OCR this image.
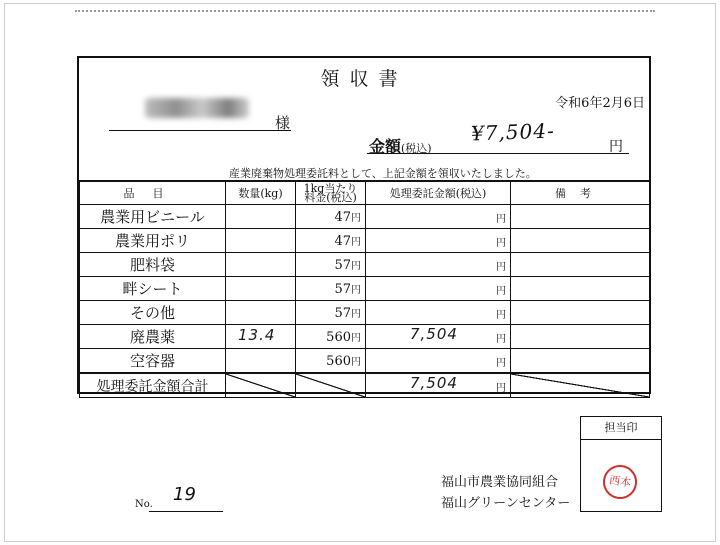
領収書
令和6年2月6日
様
金額(税込)
¥7,504-
円
産業廃棄物処理委託料として、上記金額を領収いたしました。
品目	数量(kg)	1kg当たり料金(税込)	処理委託金額(税込)	備考
農業用ビニール		47円	円	
農業用ポリ		47円	円	
肥料袋		57円	円	
畔シート		57円	円	
その他		57円	円	
廃農薬	13.4	560円	7,504 円	
空容器		560円	円	
処理委託金額合計			7,504 円	
担当印
西本
福山市農業協同組合
福山グリーンセンター
No. 19
